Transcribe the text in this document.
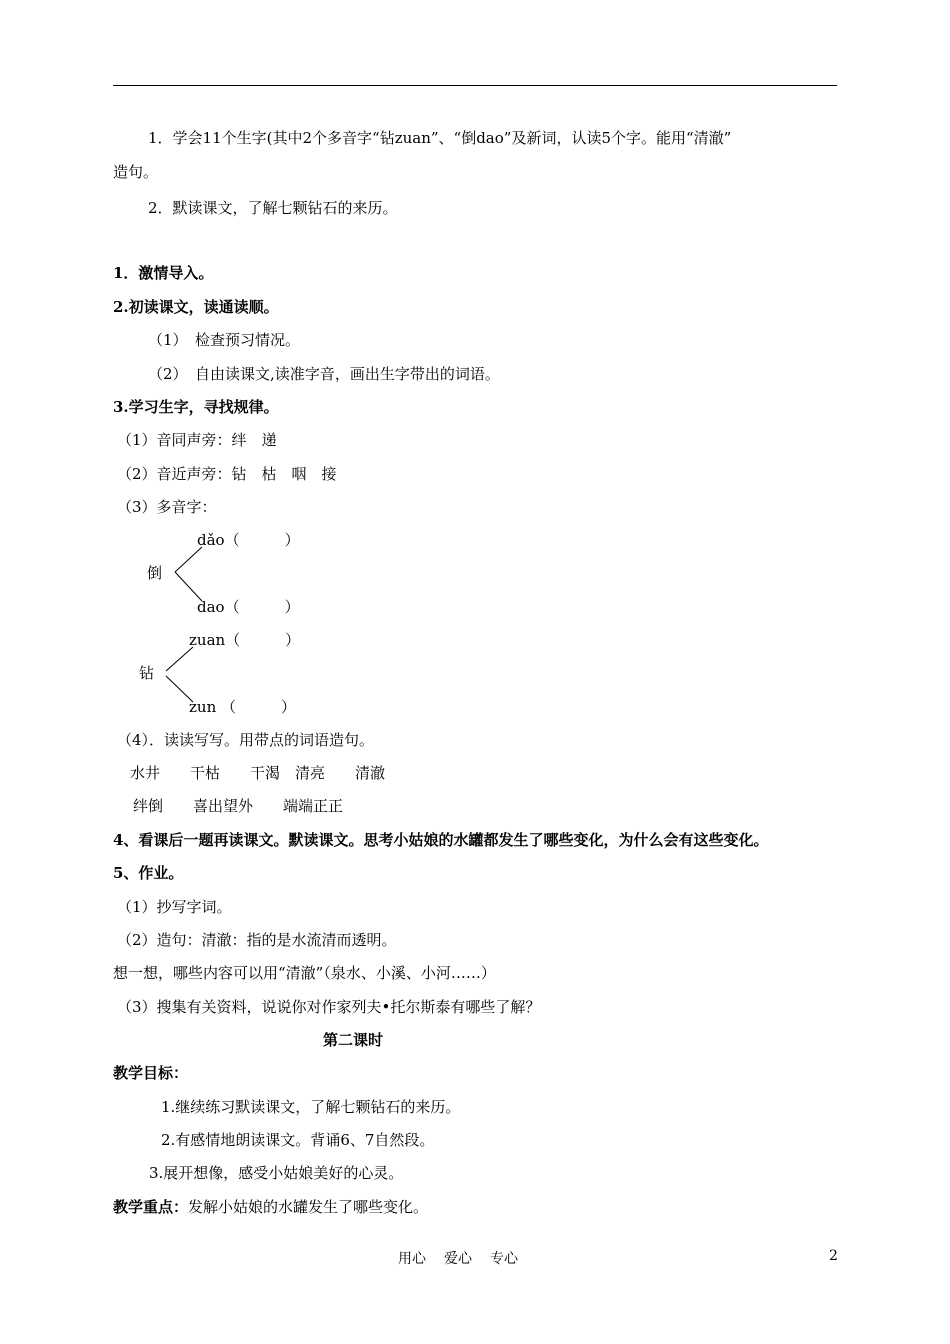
1．学会11个生字(其中2个多音字“钻zuan”、“倒dao”及新词，认读5个字。能用“清澈”
造句。
2．默读课文，了解七颗钻石的来历。
1．激情导入。
2.初读课文，读通读顺。
（1）　检查预习情况。
（2）　自由读课文,读准字音，画出生字带出的词语。
3.学习生字，寻找规律。
（1）音同声旁：绊　递
（2）音近声旁：钻　枯　咽　接
（3）多音字：
dǎo（　　　）
倒
dao（　　　）
zuan（　　　）
钻
zun （　　　）
（4）．读读写写。用带点的词语造句。
水井　　干枯　　干渴　清亮　　清澈
绊倒　　喜出望外　　端端正正
4、看课后一题再读课文。默读课文。思考小姑娘的水罐都发生了哪些变化，为什么会有这些变化。
5、作业。
（1）抄写字词。
（2）造句：清澈：指的是水流清而透明。
想一想，哪些内容可以用“清澈”（泉水、小溪、小河……）
（3）搜集有关资料，说说你对作家列夫•托尔斯泰有哪些了解？
第二课时
教学目标：
1.继续练习默读课文，了解七颗钻石的来历。
2.有感情地朗读课文。背诵6、7自然段。
3.展开想像，感受小姑娘美好的心灵。
教学重点：发解小姑娘的水罐发生了哪些变化。
用心 爱心 专心	2
